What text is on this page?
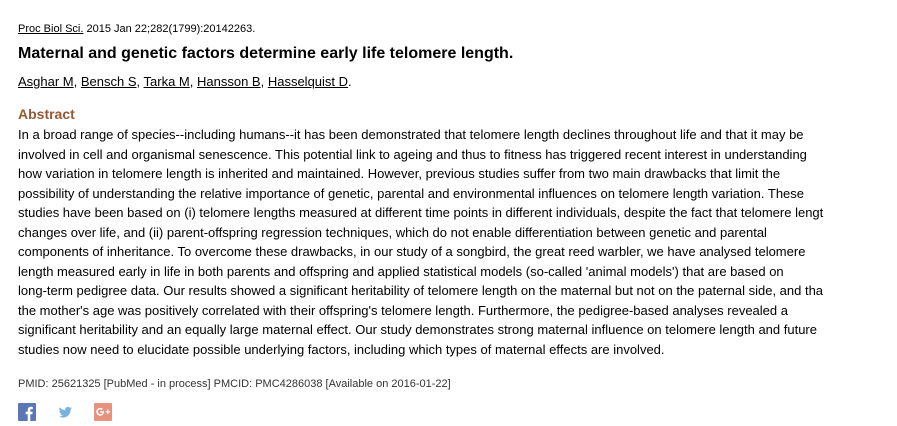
Proc Biol Sci. 2015 Jan 22;282(1799):20142263.
Maternal and genetic factors determine early life telomere length.
Asghar M, Bensch S, Tarka M, Hansson B, Hasselquist D.
Abstract
In a broad range of species--including humans--it has been demonstrated that telomere length declines throughout life and that it may be
involved in cell and organismal senescence. This potential link to ageing and thus to fitness has triggered recent interest in understanding
how variation in telomere length is inherited and maintained. However, previous studies suffer from two main drawbacks that limit the
possibility of understanding the relative importance of genetic, parental and environmental influences on telomere length variation. These
studies have been based on (i) telomere lengths measured at different time points in different individuals, despite the fact that telomere lengt
changes over life, and (ii) parent-offspring regression techniques, which do not enable differentiation between genetic and parental
components of inheritance. To overcome these drawbacks, in our study of a songbird, the great reed warbler, we have analysed telomere
length measured early in life in both parents and offspring and applied statistical models (so-called 'animal models') that are based on
long-term pedigree data. Our results showed a significant heritability of telomere length on the maternal but not on the paternal side, and tha
the mother's age was positively correlated with their offspring's telomere length. Furthermore, the pedigree-based analyses revealed a
significant heritability and an equally large maternal effect. Our study demonstrates strong maternal influence on telomere length and future
studies now need to elucidate possible underlying factors, including which types of maternal effects are involved.
PMID: 25621325 [PubMed - in process] PMCID: PMC4286038 [Available on 2016-01-22]
